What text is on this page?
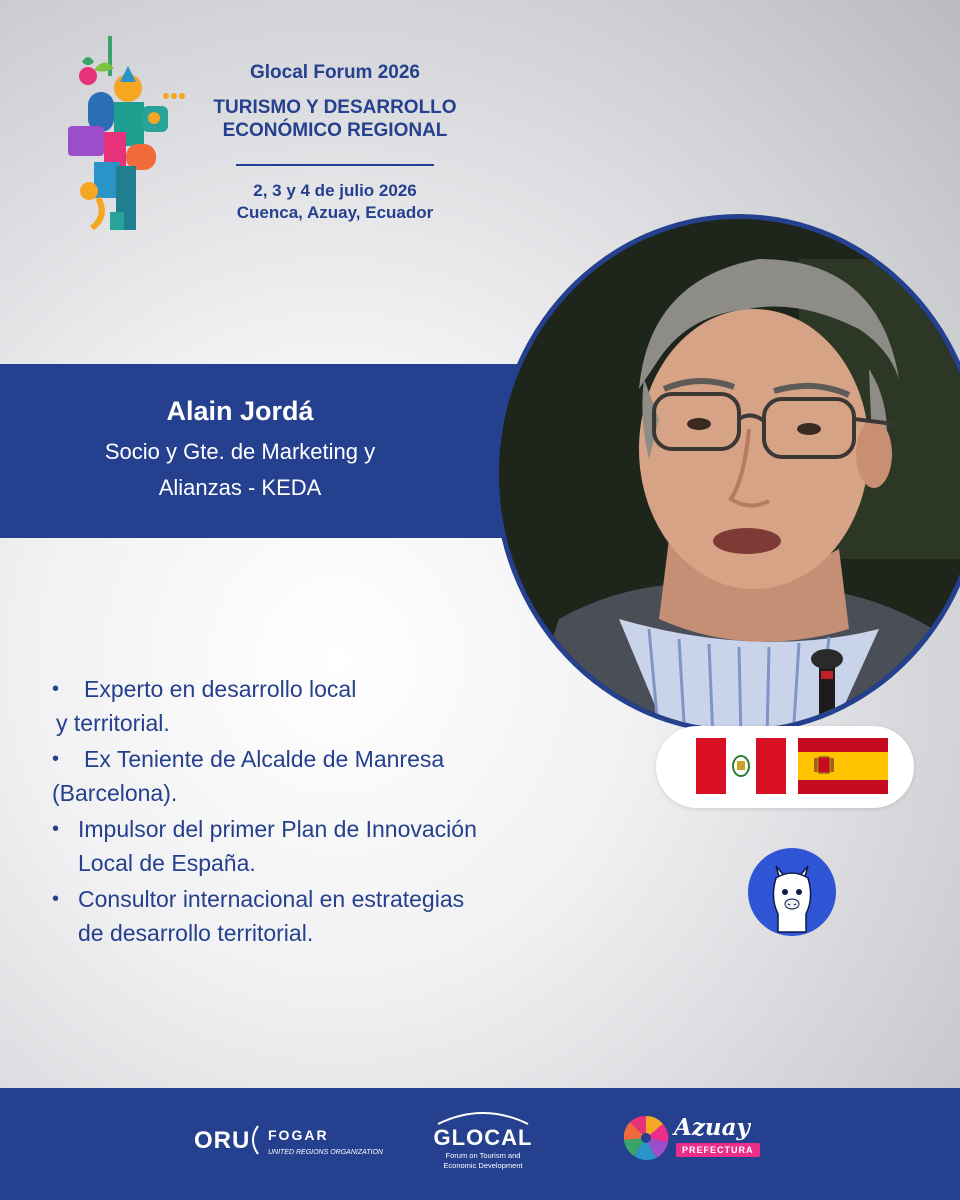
Glocal Forum 2026
TURISMO Y DESARROLLO
ECONÓMICO REGIONAL
2, 3 y 4 de julio 2026
Cuenca, Azuay, Ecuador
Alain Jordá
Socio y Gte. de Marketing y
Alianzas - KEDA
• Experto en desarrollo local
y territorial.
• Ex Teniente de Alcalde de Manresa
(Barcelona).
• Impulsor del primer Plan de Innovación
Local de España.
• Consultor internacional en estrategias
de desarrollo territorial.
ORU FOGAR
UNITED REGIONS ORGANIZATION
GLOCAL
Forum on Tourism and
Economic Development
Azuay
PREFECTURA
